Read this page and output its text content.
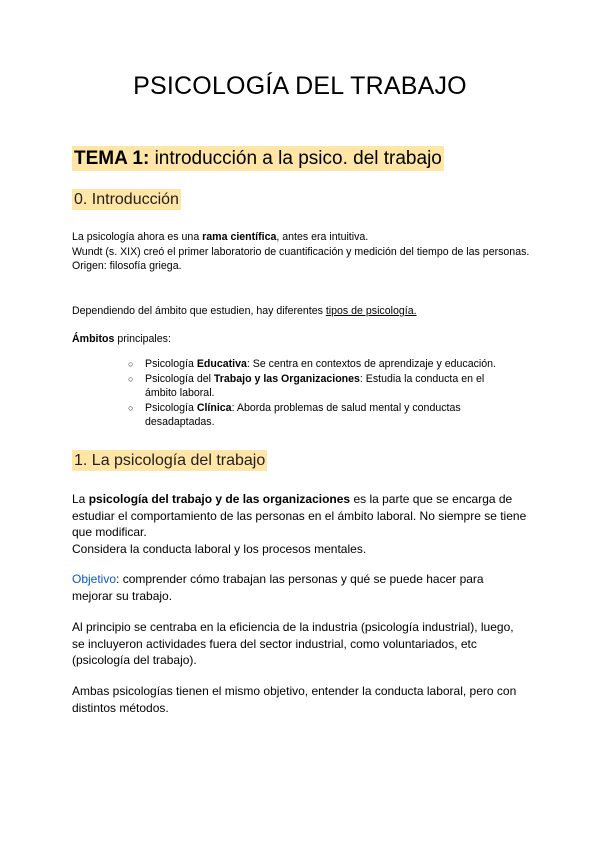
PSICOLOGÍA DEL TRABAJO
TEMA 1: introducción a la psico. del trabajo
0. Introducción

La psicología ahora es una rama científica, antes era intuitiva.

Wundt (s. XIX) creó el primer laboratorio de cuantificación y medición del tiempo de las personas.

Origen: filosofía griega.

Dependiendo del ámbito que estudien, hay diferentes tipos de psicología.
Ámbitos principales:
○ Psicología Educativa: Se centra en contextos de aprendizaje y educación.
○ Psicología del Trabajo y las Organizaciones: Estudia la conducta en el ámbito laboral.
○ Psicología Clínica: Aborda problemas de salud mental y conductas desadaptadas.
1. La psicología del trabajo

La psicología del trabajo y de las organizaciones es la parte que se encarga de estudiar el comportamiento de las personas en el ámbito laboral. No siempre se tiene que modificar.

Considera la conducta laboral y los procesos mentales.

Objetivo: comprender cómo trabajan las personas y qué se puede hacer para mejorar su trabajo.
Al principio se centraba en la eficiencia de la industria (psicología industrial), luego, se incluyeron actividades fuera del sector industrial, como voluntariados, etc (psicología del trabajo).
Ambas psicologías tienen el mismo objetivo, entender la conducta laboral, pero con distintos métodos.
